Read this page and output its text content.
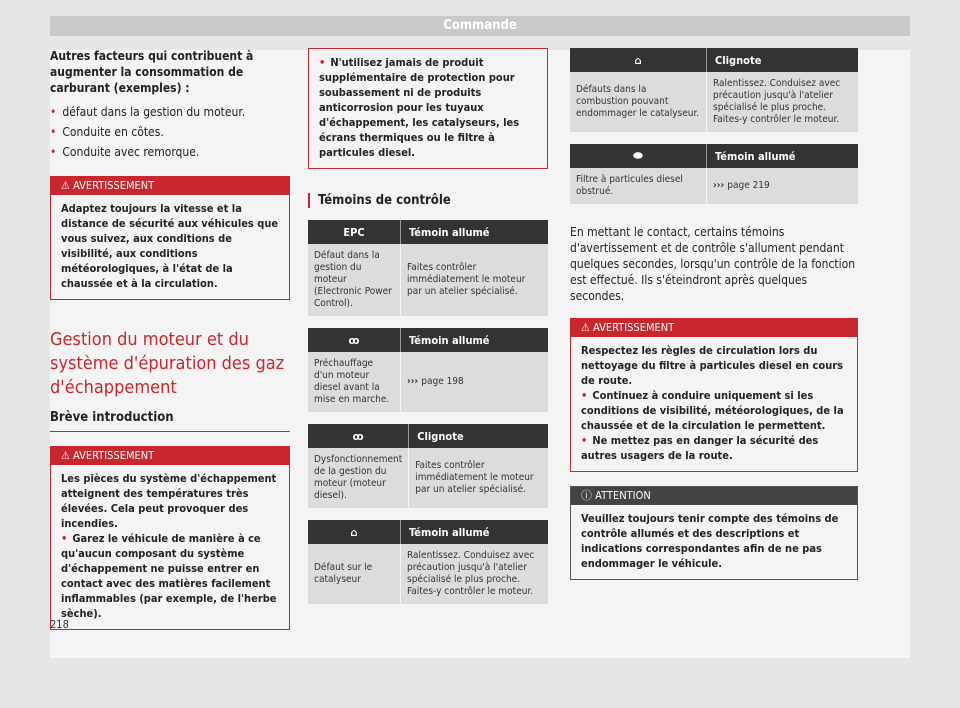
Commande

Autres facteurs qui contribuent à augmenter la consommation de carburant (exemples) :

• défaut dans la gestion du moteur.
• Conduite en côtes.
• Conduite avec remorque.
⚠ AVERTISSEMENT
Adaptez toujours la vitesse et la distance de sécurité aux véhicules que vous suivez, aux conditions de visibilité, aux conditions météorologiques, à l'état de la chaussée et à la circulation.
Gestion du moteur et du système d'épuration des gaz d'échappement
Brève introduction
⚠ AVERTISSEMENT
Les pièces du système d'échappement atteignent des températures très élevées. Cela peut provoquer des incendies.
• Garez le véhicule de manière à ce qu'aucun composant du système d'échappement ne puisse entrer en contact avec des matières facilement inflammables (par exemple, de l'herbe sèche).
• N'utilisez jamais de produit supplémentaire de protection pour soubassement ni de produits anticorrosion pour les tuyaux d'échappement, les catalyseurs, les écrans thermiques ou le filtre à particules diesel.
Témoins de contrôle
EPC	Témoin allumé
Défaut dans la gestion du moteur (Electronic Power Control).	Faites contrôler immédiatement le moteur par un atelier spécialisé.
ꝏ	Témoin allumé
Préchauffage d'un moteur diesel avant la mise en marche.	››› page 198
ꝏ	Clignote
Dysfonctionnement de la gestion du moteur (moteur diesel).	Faites contrôler immédiatement le moteur par un atelier spécialisé.
⌂	Témoin allumé
Défaut sur le catalyseur	Ralentissez. Conduisez avec précaution jusqu'à l'atelier spécialisé le plus proche. Faites-y contrôler le moteur.
⌂	Clignote
Défauts dans la combustion pouvant endommager le catalyseur.	Ralentissez. Conduisez avec précaution jusqu'à l'atelier spécialisé le plus proche. Faites-y contrôler le moteur.
⬬	Témoin allumé
Filtre à particules diesel obstrué.	››› page 219

En mettant le contact, certains témoins d'avertissement et de contrôle s'allument pendant quelques secondes, lorsqu'un contrôle de la fonction est effectué. Ils s'éteindront après quelques secondes.

⚠ AVERTISSEMENT
Respectez les règles de circulation lors du nettoyage du filtre à particules diesel en cours de route.
• Continuez à conduire uniquement si les conditions de visibilité, météorologiques, de la chaussée et de la circulation le permettent.
• Ne mettez pas en danger la sécurité des autres usagers de la route.
ⓘ ATTENTION
Veuillez toujours tenir compte des témoins de contrôle allumés et des descriptions et indications correspondantes afin de ne pas endommager le véhicule.
218
